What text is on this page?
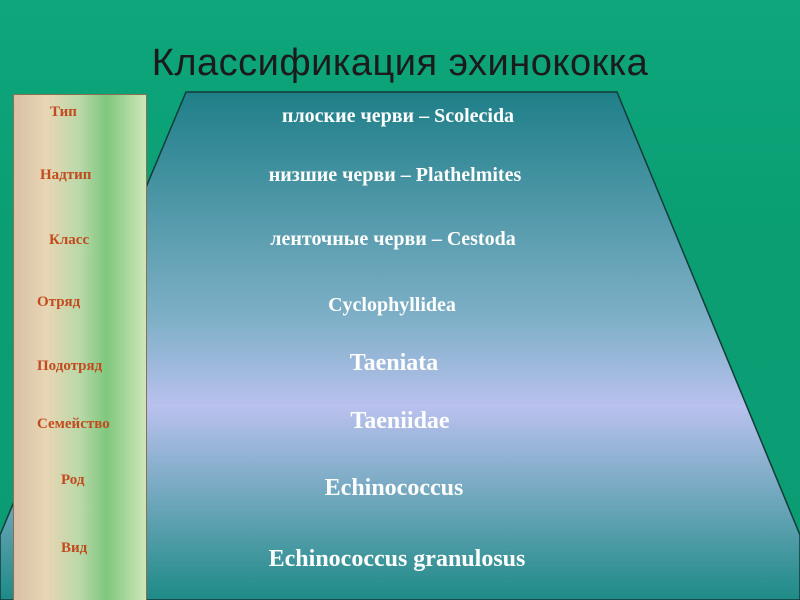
Классификация эхинококка
Тип
Надтип
Класс
Отряд
Подотряд
Семейство
Род
Вид
плоские черви – Scolecida
низшие черви – Plathelmites
ленточные черви – Cestoda
Cyclophyllidea
Taeniata
Taeniidae
Echinococcus
Echinococcus granulosus
